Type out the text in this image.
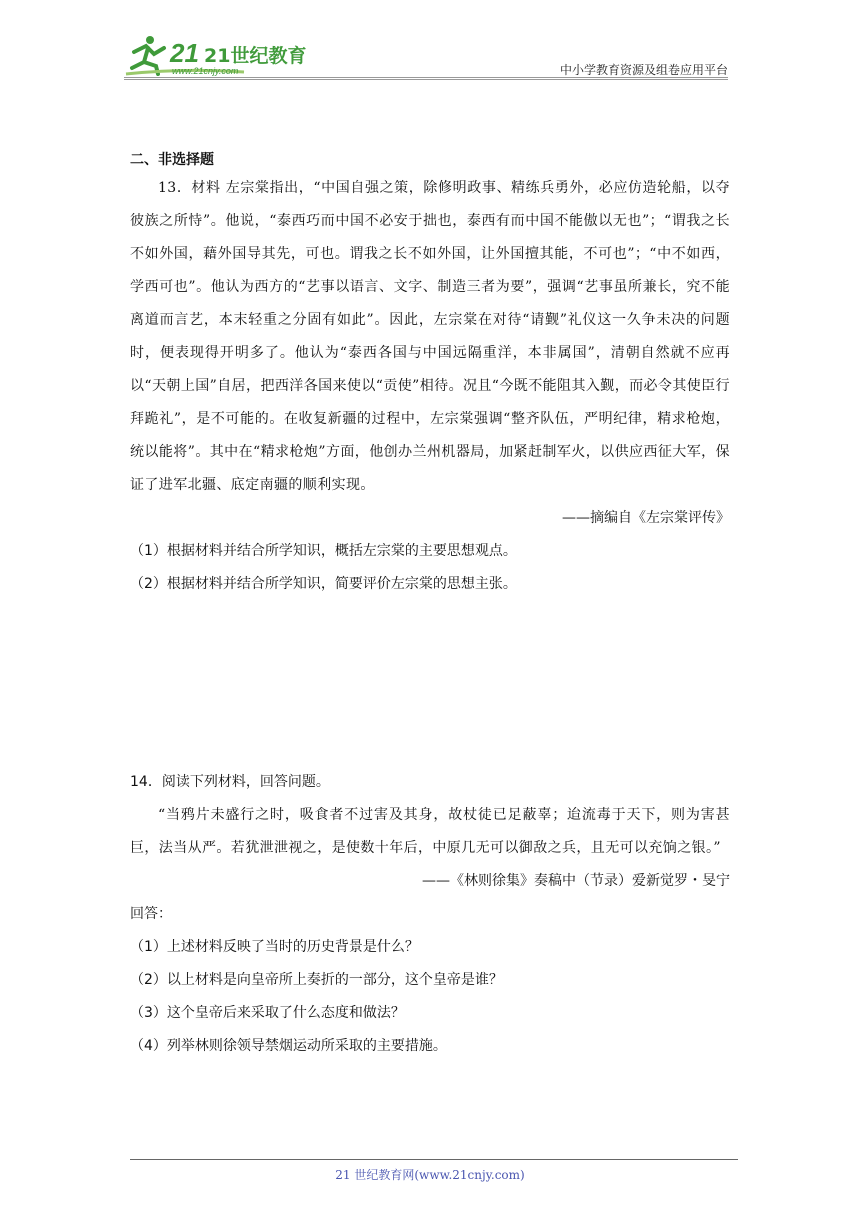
21 21世纪教育
www.21cnjy.com	中小学教育资源及组卷应用平台
二、非选择题
13．材料 左宗棠指出，“中国自强之策，除修明政事、精练兵勇外，必应仿造轮船，以夺彼族之所恃”。他说，“泰西巧而中国不必安于拙也，泰西有而中国不能傲以无也”；“谓我之长不如外国，藉外国导其先，可也。谓我之长不如外国，让外国擅其能，不可也”；“中不如西，学西可也”。他认为西方的“艺事以语言、文字、制造三者为要”，强调“艺事虽所兼长，究不能离道而言艺，本末轻重之分固有如此”。因此，左宗棠在对待“请觐”礼仪这一久争未决的问题时，便表现得开明多了。他认为“泰西各国与中国远隔重洋，本非属国”，清朝自然就不应再以“天朝上国”自居，把西洋各国来使以“贡使”相待。况且“今既不能阻其入觐，而必令其使臣行拜跪礼”，是不可能的。在收复新疆的过程中，左宗棠强调“整齐队伍，严明纪律，精求枪炮，统以能将”。其中在“精求枪炮”方面，他创办兰州机器局，加紧赶制军火，以供应西征大军，保证了进军北疆、底定南疆的顺利实现。
——摘编自《左宗棠评传》
（1）根据材料并结合所学知识，概括左宗棠的主要思想观点。
（2）根据材料并结合所学知识，简要评价左宗棠的思想主张。
14．阅读下列材料，回答问题。
“当鸦片未盛行之时，吸食者不过害及其身，故杖徒已足蔽辜；迨流毒于天下，则为害甚巨，法当从严。若犹泄泄视之，是使数十年后，中原几无可以御敌之兵，且无可以充饷之银。”
——《林则徐集》奏稿中（节录）爱新觉罗・旻宁
回答：
（1）上述材料反映了当时的历史背景是什么？
（2）以上材料是向皇帝所上奏折的一部分，这个皇帝是谁？
（3）这个皇帝后来采取了什么态度和做法？
（4）列举林则徐领导禁烟运动所采取的主要措施。
21 世纪教育网(www.21cnjy.com)
